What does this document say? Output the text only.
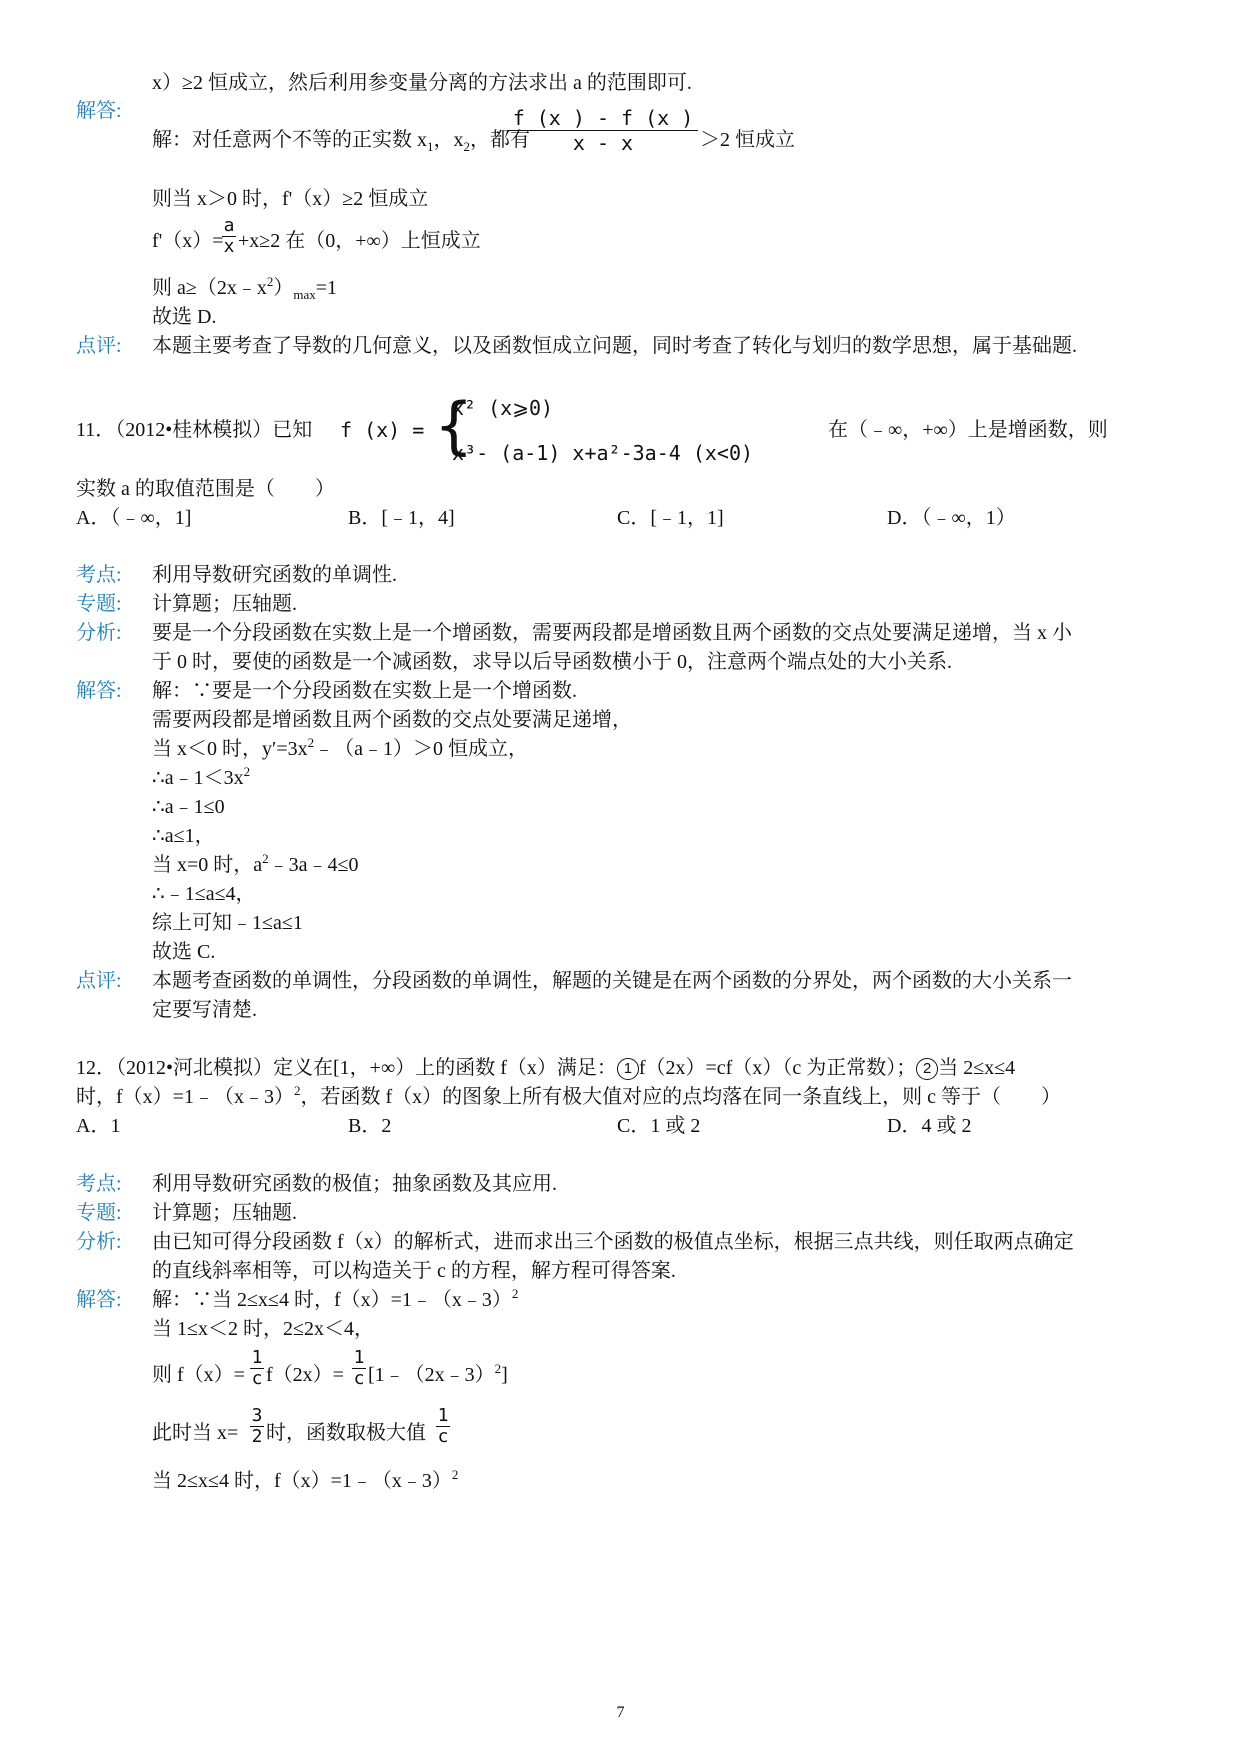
x）≥2 恒成立，然后利用参变量分离的方法求出 a 的范围即可.
解答:
解：对任意两个不等的正实数 $x_1$，$x_2$，都有
f (x ) - f (x )
x - x	＞2 恒成立
则当 x＞0 时，f'（x）≥2 恒成立
f'（x）=
a
x +x≥2 在（0，+∞）上恒成立
则 $a\ge(2x﹣x^2)_{max}=1$
故选 D.
点评: 本题主要考查了导数的几何意义，以及函数恒成立问题，同时考查了转化与划归的数学思想，属于基础题.
11．（2012•桂林模拟）已知 f (x) = {
x² (x⩾0)
x³- (a-1) x+a²-3a-4 (x<0)
在（﹣∞，+∞）上是增函数，则
实数 a 的取值范围是（　　）
A．（﹣∞，1]	B．[﹣1，4]	C．[﹣1，1]	D．（﹣∞，1）
考点: 利用导数研究函数的单调性.
专题: 计算题；压轴题.
分析: 要是一个分段函数在实数上是一个增函数，需要两段都是增函数且两个函数的交点处要满足递增，当 x 小
于 0 时，要使的函数是一个减函数，求导以后导函数横小于 0，注意两个端点处的大小关系.
解答: 解：∵要是一个分段函数在实数上是一个增函数.
需要两段都是增函数且两个函数的交点处要满足递增，
当 x＜0 时，$y'=3x^2﹣(a﹣1)>0$ 恒成立，
$\therefore a﹣1<3x^2$
∴a﹣1≤0
∴a≤1，
当 x=0 时，$a^2﹣3a﹣4\le 0$
∴﹣1≤a≤4，
综上可知﹣1≤a≤1
故选 C.
点评: 本题考查函数的单调性，分段函数的单调性，解题的关键是在两个函数的分界处，两个函数的大小关系一
定要写清楚.
12．（2012•河北模拟）定义在[1，+∞）上的函数 f（x）满足： 1 f（2x）=cf（x）（c 为正常数）； 2 当 2≤x≤4
时，f（x）=1﹣（x﹣3）$^2$，若函数 f（x）的图象上所有极大值对应的点均落在同一条直线上，则 c 等于（　　）
A．1	B．2	C．1 或 2	D．4 或 2
考点: 利用导数研究函数的极值；抽象函数及其应用.
专题: 计算题；压轴题.
分析: 由已知可得分段函数 f（x）的解析式，进而求出三个函数的极值点坐标，根据三点共线，则任取两点确定
的直线斜率相等，可以构造关于 c 的方程，解方程可得答案.
解答: 解：∵当 2≤x≤4 时，f（x）=1﹣（x﹣3）$^2$
当 1≤x＜2 时，2≤2x＜4，
则 f（x）=
1
c f（2x）=
1
c [1﹣（2x﹣3）$^2$]
此时当 x=
3
2 时，函数取极大值
1
c
当 2≤x≤4 时，f（x）=1﹣（x﹣3）$^2$
7
